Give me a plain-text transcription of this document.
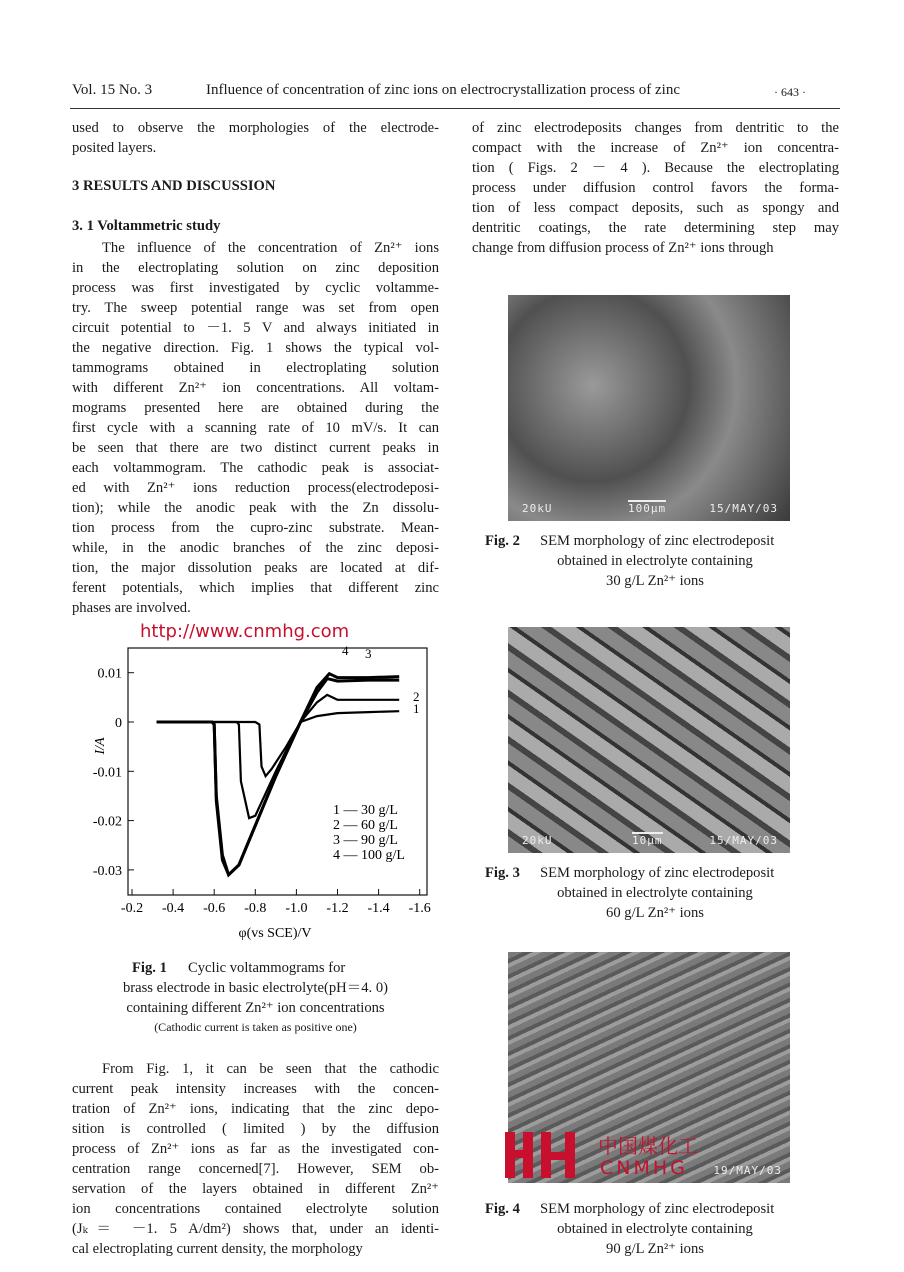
Vol. 15 No. 3	Influence of concentration of zinc ions on electrocrystallization process of zinc	· 643 ·
used to observe the morphologies of the electrode-
posited layers.
The influence of the concentration of Zn²⁺ ions
in the electroplating solution on zinc deposition
process was first investigated by cyclic voltamme-
try. The sweep potential range was set from open
circuit potential to －1. 5 V and always initiated in
the negative direction. Fig. 1 shows the typical vol-
tammograms obtained in electroplating solution
with different Zn²⁺ ion concentrations. All voltam-
mograms presented here are obtained during the
first cycle with a scanning rate of 10 mV/s. It can
be seen that there are two distinct current peaks in
each voltammogram. The cathodic peak is associat-
ed with Zn²⁺ ions reduction process(electrodeposi-
tion); while the anodic peak with the Zn dissolu-
tion process from the cupro-zinc substrate. Mean-
while, in the anodic branches of the zinc deposi-
tion, the major dissolution peaks are located at dif-
ferent potentials, which implies that different zinc
phases are involved.
From Fig. 1, it can be seen that the cathodic
current peak intensity increases with the concen-
tration of Zn²⁺ ions, indicating that the zinc depo-
sition is controlled ( limited ) by the diffusion
process of Zn²⁺ ions as far as the investigated con-
centration range concerned[7]. However, SEM ob-
servation of the layers obtained in different Zn²⁺
ion concentrations contained electrolyte solution
(Jₖ＝ －1. 5 A/dm²) shows that, under an identi-
cal electroplating current density, the morphology
Fig. 1 Cyclic voltammograms for
brass electrode in basic electrolyte(pH＝4. 0)
containing different Zn²⁺ ion concentrations
(Cathodic current is taken as positive one)
of zinc electrodeposits changes from dentritic to the
compact with the increase of Zn²⁺ ion concentra-
tion ( Figs. 2 － 4 ). Because the electroplating
process under diffusion control favors the forma-
tion of less compact deposits, such as spongy and
dentritic coatings, the rate determining step may
change from diffusion process of Zn²⁺ ions through
Fig. 2 SEM morphology of zinc electrodeposit
obtained in electrolyte containing
30 g/L Zn²⁺ ions
Fig. 3 SEM morphology of zinc electrodeposit
obtained in electrolyte containing
60 g/L Zn²⁺ ions
Fig. 4 SEM morphology of zinc electrodeposit
obtained in electrolyte containing
90 g/L Zn²⁺ ions
3 RESULTS AND DISCUSSION
3. 1 Voltammetric study
0.01
0
-0.01
-0.02
-0.03
-0.2 -0.4 -0.6 -0.8 -1.0 -1.2 -1.4 -1.6
φ(vs SCE)/V
I/A
1
2
3
4
1 — 30 g/L
2 — 60 g/L
3 — 90 g/L
4 — 100 g/L
20kU	100µm	15/MAY/03
20kU	10µm	15/MAY/03
19/MAY/03
中国煤化工
CNMHG
http://www.cnmhg.com
